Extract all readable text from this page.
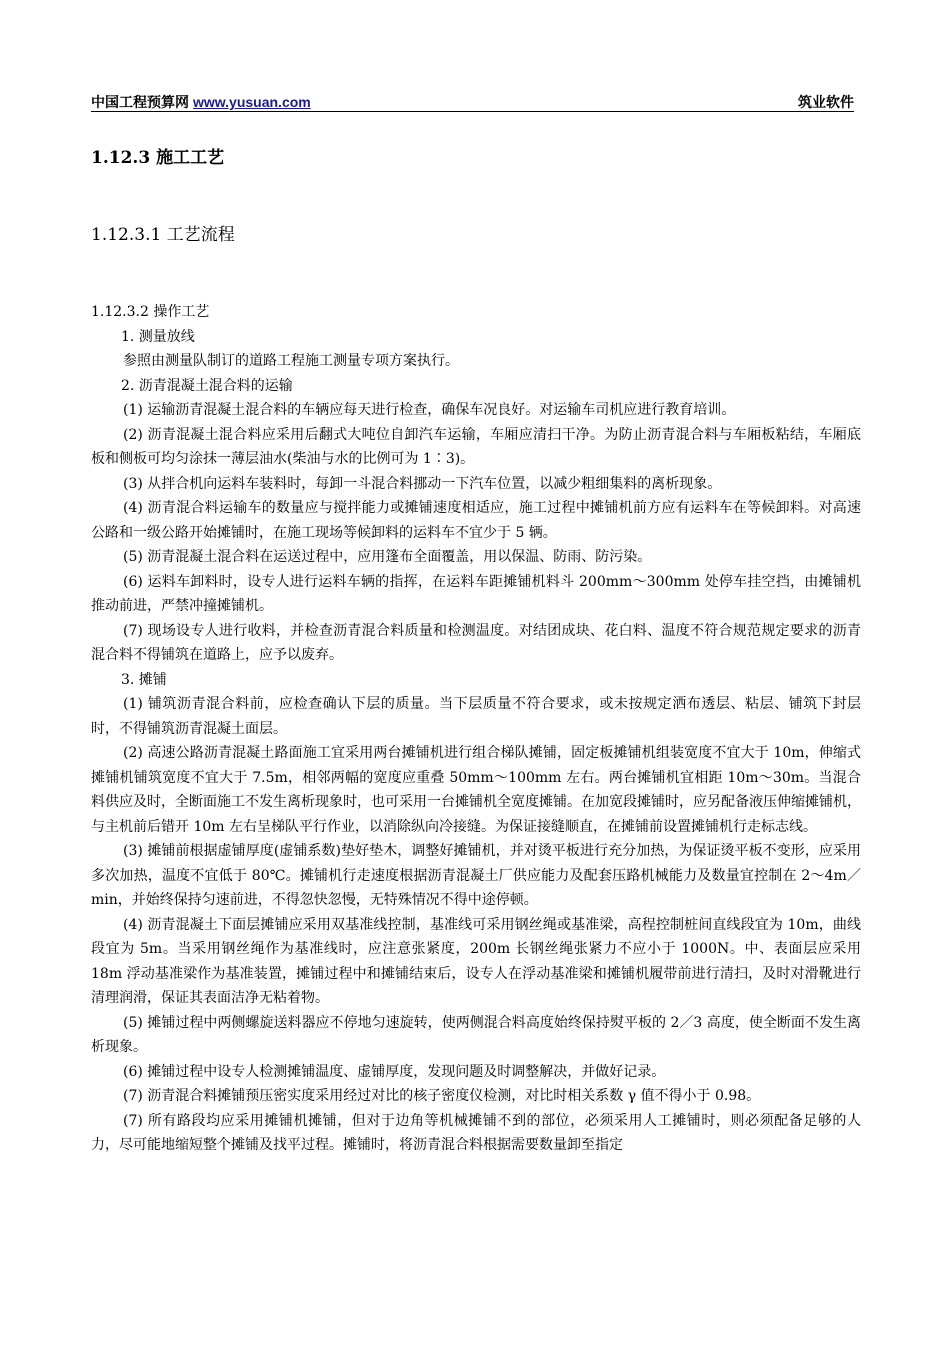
中国工程预算网 www.yusuan.com	筑业软件
1.12.3 施工工艺
1.12.3.1 工艺流程

1.12.3.2 操作工艺

1. 测量放线

参照由测量队制订的道路工程施工测量专项方案执行。

2. 沥青混凝土混合料的运输

(1) 运输沥青混凝土混合料的车辆应每天进行检查，确保车况良好。对运输车司机应进行教育培训。

(2) 沥青混凝土混合料应采用后翻式大吨位自卸汽车运输，车厢应清扫干净。为防止沥青混合料与车厢板粘结，车厢底板和侧板可均匀涂抹一薄层油水(柴油与水的比例可为 1∶3)。

(3) 从拌合机向运料车装料时，每卸一斗混合料挪动一下汽车位置，以减少粗细集料的离析现象。

(4) 沥青混合料运输车的数量应与搅拌能力或摊铺速度相适应，施工过程中摊铺机前方应有运料车在等候卸料。对高速公路和一级公路开始摊铺时，在施工现场等候卸料的运料车不宜少于 5 辆。

(5) 沥青混凝土混合料在运送过程中，应用篷布全面覆盖，用以保温、防雨、防污染。

(6) 运料车卸料时，设专人进行运料车辆的指挥，在运料车距摊铺机料斗 200mm～300mm 处停车挂空挡，由摊铺机推动前进，严禁冲撞摊铺机。

(7) 现场设专人进行收料，并检查沥青混合料质量和检测温度。对结团成块、花白料、温度不符合规范规定要求的沥青混合料不得铺筑在道路上，应予以废弃。

3. 摊铺

(1) 铺筑沥青混合料前，应检查确认下层的质量。当下层质量不符合要求，或未按规定洒布透层、粘层、铺筑下封层时，不得铺筑沥青混凝土面层。

(2) 高速公路沥青混凝土路面施工宜采用两台摊铺机进行组合梯队摊铺，固定板摊铺机组装宽度不宜大于 10m，伸缩式摊铺机铺筑宽度不宜大于 7.5m，相邻两幅的宽度应重叠 50mm～100mm 左右。两台摊铺机宜相距 10m～30m。当混合料供应及时，全断面施工不发生离析现象时，也可采用一台摊铺机全宽度摊铺。在加宽段摊铺时，应另配备液压伸缩摊铺机，与主机前后错开 10m 左右呈梯队平行作业，以消除纵向冷接缝。为保证接缝顺直，在摊铺前设置摊铺机行走标志线。

(3) 摊铺前根据虚铺厚度(虚铺系数)垫好垫木，调整好摊铺机，并对烫平板进行充分加热，为保证烫平板不变形，应采用多次加热，温度不宜低于 80℃。摊铺机行走速度根据沥青混凝土厂供应能力及配套压路机械能力及数量宜控制在 2～4m／min，并始终保持匀速前进，不得忽快忽慢，无特殊情况不得中途停顿。

(4) 沥青混凝土下面层摊铺应采用双基准线控制，基准线可采用钢丝绳或基准梁，高程控制桩间直线段宜为 10m，曲线段宜为 5m。当采用钢丝绳作为基准线时，应注意张紧度，200m 长钢丝绳张紧力不应小于 1000N。中、表面层应采用 18m 浮动基准梁作为基准装置，摊铺过程中和摊铺结束后，设专人在浮动基准梁和摊铺机履带前进行清扫，及时对滑靴进行清理润滑，保证其表面洁净无粘着物。

(5) 摊铺过程中两侧螺旋送料器应不停地匀速旋转，使两侧混合料高度始终保持熨平板的 2／3 高度，使全断面不发生离析现象。

(6) 摊铺过程中设专人检测摊铺温度、虚铺厚度，发现问题及时调整解决，并做好记录。

(7) 沥青混合料摊铺预压密实度采用经过对比的核子密度仪检测，对比时相关系数 γ 值不得小于 0.98。

(7) 所有路段均应采用摊铺机摊铺，但对于边角等机械摊铺不到的部位，必须采用人工摊铺时，则必须配备足够的人力，尽可能地缩短整个摊铺及找平过程。摊铺时，将沥青混合料根据需要数量卸至指定
